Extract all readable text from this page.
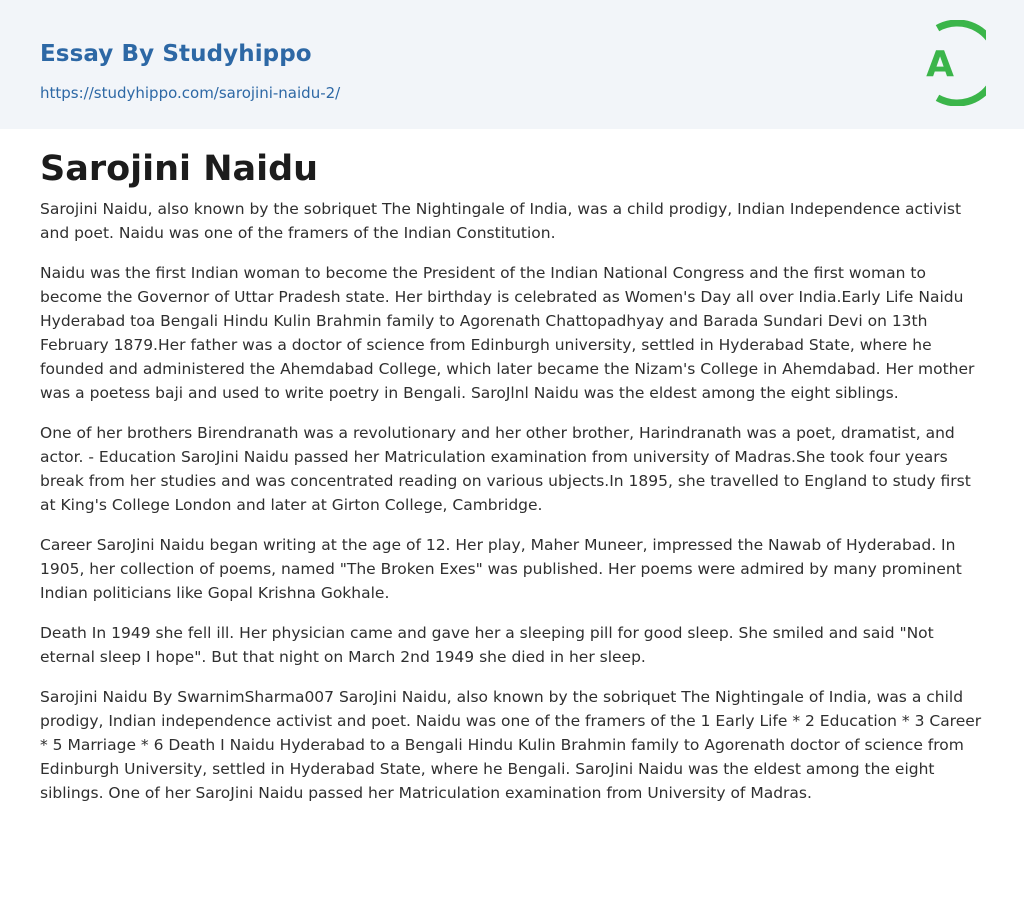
Essay By Studyhippo
https://studyhippo.com/sarojini-naidu-2/
A
Sarojini Naidu

Sarojini Naidu, also known by the sobriquet The Nightingale of India, was a child prodigy, Indian Independence activist and poet. Naidu was one of the framers of the Indian Constitution.

Naidu was the first Indian woman to become the President of the Indian National Congress and the first woman to become the Governor of Uttar Pradesh state. Her birthday is celebrated as Women's Day all over India.Early Life Naidu Hyderabad toa Bengali Hindu Kulin Brahmin family to Agorenath Chattopadhyay and Barada Sundari Devi on 13th February 1879.Her father was a doctor of science from Edinburgh university, settled in Hyderabad State, where he founded and administered the Ahemdabad College, which later became the Nizam's College in Ahemdabad. Her mother was a poetess baji and used to write poetry in Bengali. SaroJlnl Naidu was the eldest among the eight siblings.

One of her brothers Birendranath was a revolutionary and her other brother, Harindranath was a poet, dramatist, and actor. - Education SaroJini Naidu passed her Matriculation examination from university of Madras.She took four years break from her studies and was concentrated reading on various ubjects.In 1895, she travelled to England to study first at King's College London and later at Girton College, Cambridge.

Career SaroJini Naidu began writing at the age of 12. Her play, Maher Muneer, impressed the Nawab of Hyderabad. In 1905, her collection of poems, named "The Broken Exes" was published. Her poems were admired by many prominent Indian politicians like Gopal Krishna Gokhale.

Death In 1949 she fell ill. Her physician came and gave her a sleeping pill for good sleep. She smiled and said "Not eternal sleep I hope". But that night on March 2nd 1949 she died in her sleep.

Sarojini Naidu By SwarnimSharma007 SaroJini Naidu, also known by the sobriquet The Nightingale of India, was a child prodigy, Indian independence activist and poet. Naidu was one of the framers of the 1 Early Life * 2 Education * 3 Career * 5 Marriage * 6 Death I Naidu Hyderabad to a Bengali Hindu Kulin Brahmin family to Agorenath doctor of science from Edinburgh University, settled in Hyderabad State, where he Bengali. SaroJini Naidu was the eldest among the eight siblings. One of her SaroJini Naidu passed her Matriculation examination from University of Madras.
